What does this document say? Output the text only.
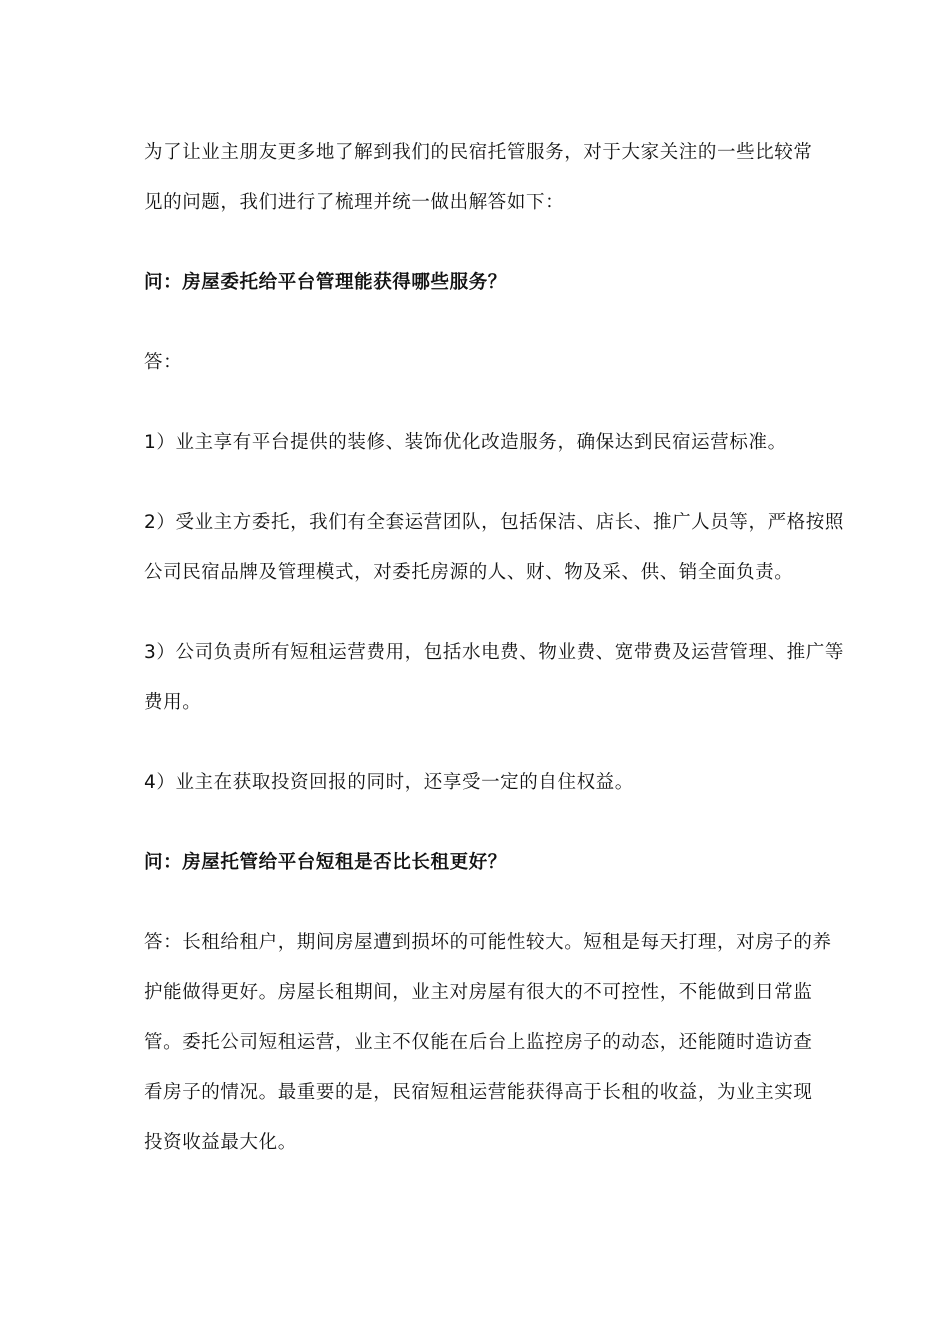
为了让业主朋友更多地了解到我们的民宿托管服务，对于大家关注的一些比较常
见的问题，我们进行了梳理并统一做出解答如下：

问：房屋委托给平台管理能获得哪些服务？

答：

1）业主享有平台提供的装修、装饰优化改造服务，确保达到民宿运营标准。

2）受业主方委托，我们有全套运营团队，包括保洁、店长、推广人员等，严格按照
公司民宿品牌及管理模式，对委托房源的人、财、物及采、供、销全面负责。

3）公司负责所有短租运营费用，包括水电费、物业费、宽带费及运营管理、推广等
费用。

4）业主在获取投资回报的同时，还享受一定的自住权益。

问：房屋托管给平台短租是否比长租更好？

答：长租给租户，期间房屋遭到损坏的可能性较大。短租是每天打理，对房子的养
护能做得更好。房屋长租期间，业主对房屋有很大的不可控性，不能做到日常监
管。委托公司短租运营，业主不仅能在后台上监控房子的动态，还能随时造访查
看房子的情况。最重要的是，民宿短租运营能获得高于长租的收益，为业主实现
投资收益最大化。
